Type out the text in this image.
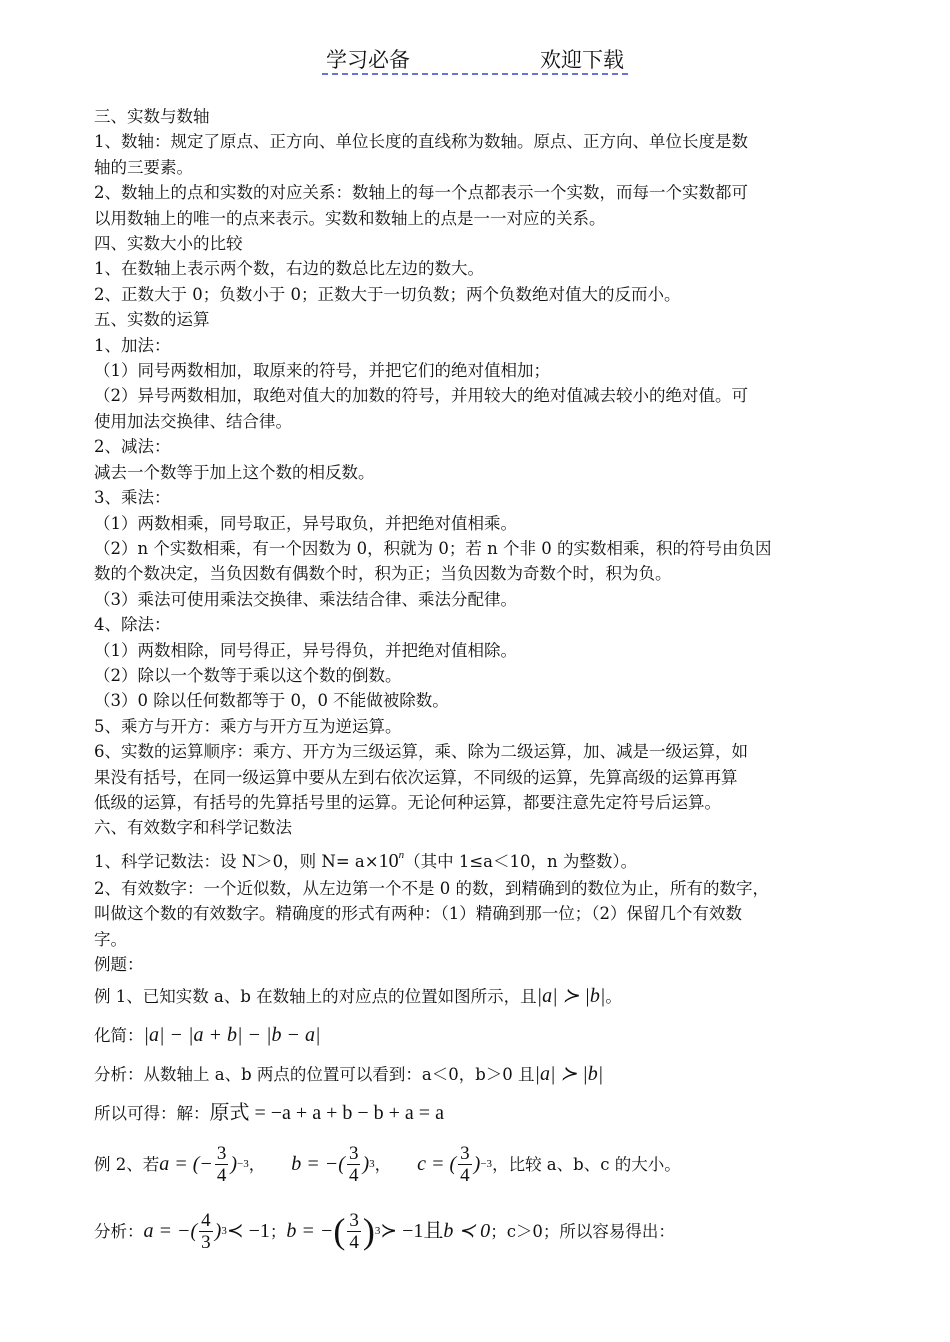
学习必备	欢迎下载
三、实数与数轴
1、数轴：规定了原点、正方向、单位长度的直线称为数轴。原点、正方向、单位长度是数
轴的三要素。
2、数轴上的点和实数的对应关系：数轴上的每一个点都表示一个实数，而每一个实数都可
以用数轴上的唯一的点来表示。实数和数轴上的点是一一对应的关系。
四、实数大小的比较
1、在数轴上表示两个数，右边的数总比左边的数大。
2、正数大于 0；负数小于 0；正数大于一切负数；两个负数绝对值大的反而小。
五、实数的运算
1、加法：
（1）同号两数相加，取原来的符号，并把它们的绝对值相加；
（2）异号两数相加，取绝对值大的加数的符号，并用较大的绝对值减去较小的绝对值。可
使用加法交换律、结合律。
2、减法：
减去一个数等于加上这个数的相反数。
3、乘法：
（1）两数相乘，同号取正，异号取负，并把绝对值相乘。
（2）n 个实数相乘，有一个因数为 0，积就为 0；若 n 个非 0 的实数相乘，积的符号由负因
数的个数决定，当负因数有偶数个时，积为正；当负因数为奇数个时，积为负。
（3）乘法可使用乘法交换律、乘法结合律、乘法分配律。
4、除法：
（1）两数相除，同号得正，异号得负，并把绝对值相除。
（2）除以一个数等于乘以这个数的倒数。
（3）0 除以任何数都等于 0，0 不能做被除数。
5、乘方与开方：乘方与开方互为逆运算。
6、实数的运算顺序：乘方、开方为三级运算，乘、除为二级运算，加、减是一级运算，如
果没有括号，在同一级运算中要从左到右依次运算，不同级的运算，先算高级的运算再算
低级的运算，有括号的先算括号里的运算。无论何种运算，都要注意先定符号后运算。
六、有效数字和科学记数法
1、科学记数法：设 N＞0，则 $N= a\times 10^n$（其中 1≤a＜10，n 为整数）。
2、有效数字：一个近似数，从左边第一个不是 0 的数，到精确到的数位为止，所有的数字，
叫做这个数的有效数字。精确度的形式有两种：（1）精确到那一位；（2）保留几个有效数
字。
例题：
例 1、已知实数 a、b 在数轴上的对应点的位置如图所示，且|a| ≻ |b|。
化简：|a| − |a + b| − |b − a|
分析：从数轴上 a、b 两点的位置可以看到：a＜0，b＞0 且|a| ≻ |b|
所以可得：解：原式 = −a + a + b − b + a = a
例 2、若 a = (− $\frac{3}{4}$ ) −3 ， b = −( $\frac{3}{4}$ ) 3 ， c = ( $\frac{3}{4}$ ) −3 ，比较 a、b、c 的大小。
分析： a = −( $\frac{4}{3}$ ) 3 ≺ −1 ； b = − ( $\frac{3}{4}$ ) 3 ≻ −1且 b ≺ 0 ；c＞0；所以容易得出：
